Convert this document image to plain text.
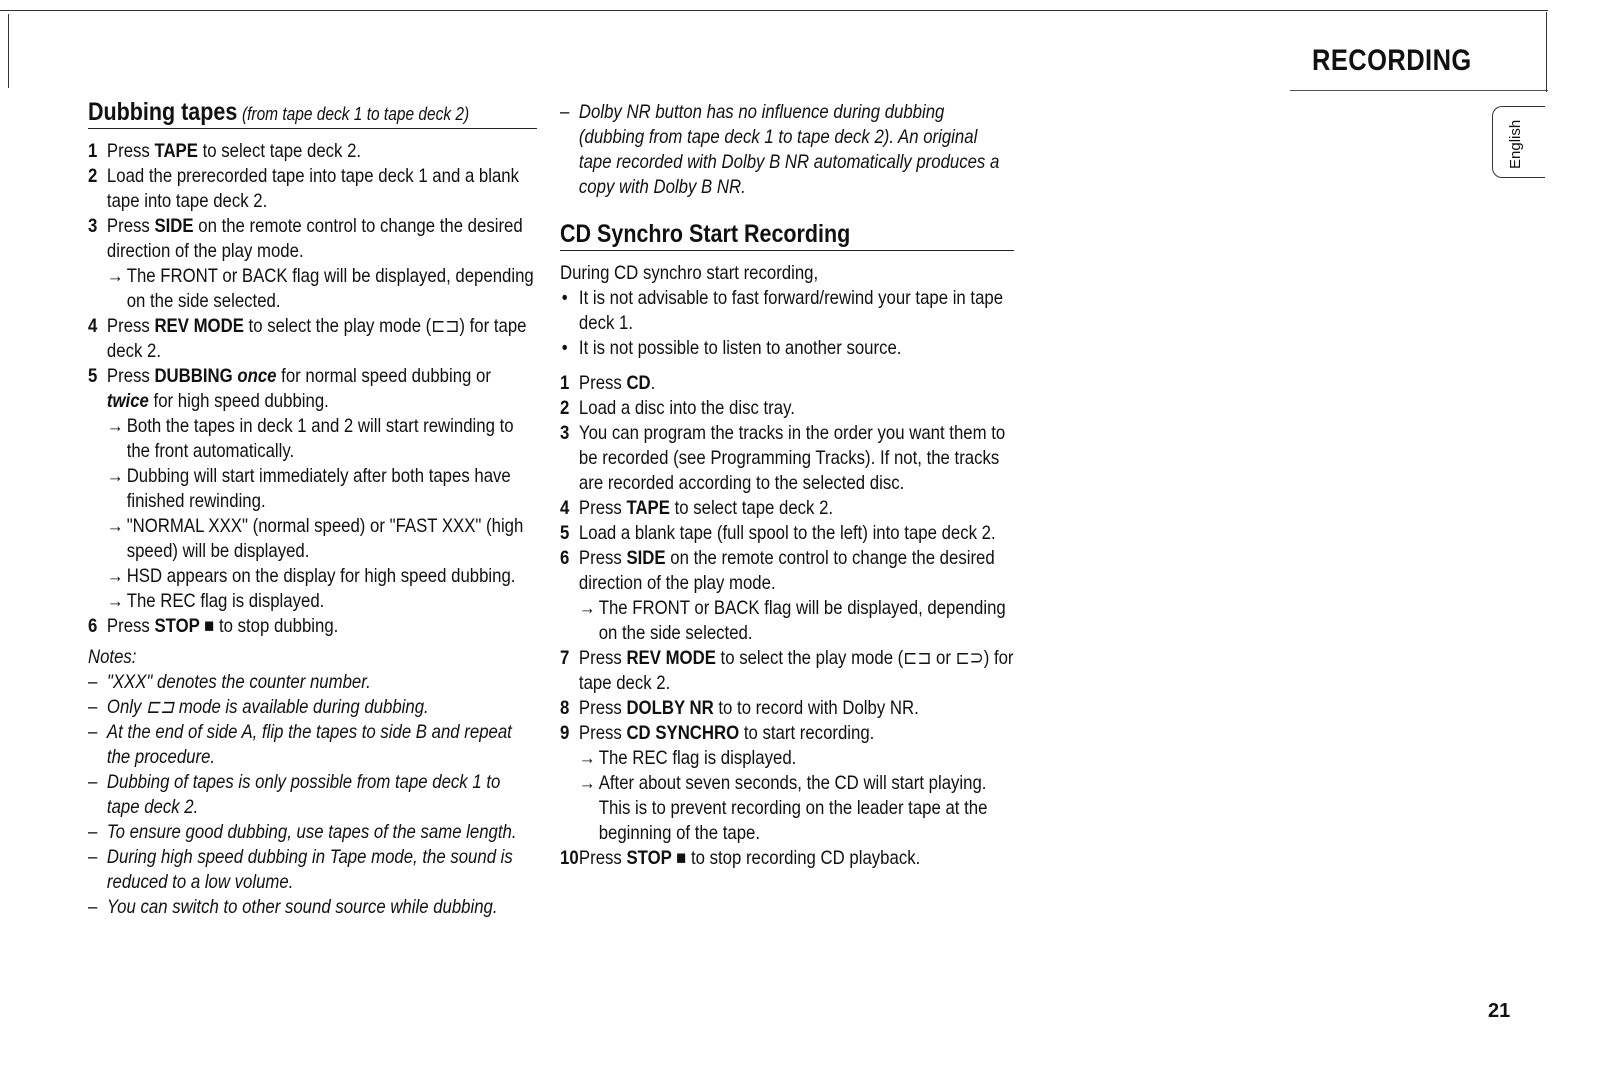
RECORDING
English
Dubbing tapes (from tape deck 1 to tape deck 2)
1 Press TAPE to select tape deck 2.
2 Load the prerecorded tape into tape deck 1 and a blank tape into tape deck 2.
3 Press SIDE on the remote control to change the desired direction of the play mode.
→ The FRONT or BACK flag will be displayed, depending on the side selected.
4 Press REV MODE to select the play mode (⊏⊐) for tape deck 2.
5 Press DUBBING once for normal speed dubbing or twice for high speed dubbing.
→ Both the tapes in deck 1 and 2 will start rewinding to the front automatically.
→ Dubbing will start immediately after both tapes have finished rewinding.
→ "NORMAL XXX" (normal speed) or "FAST XXX" (high speed) will be displayed.
→ HSD appears on the display for high speed dubbing.
→ The REC flag is displayed.
6 Press STOP ■ to stop dubbing.
Notes:
– "XXX" denotes the counter number.
– Only ⊏⊐ mode is available during dubbing.
– At the end of side A, flip the tapes to side B and repeat the procedure.
– Dubbing of tapes is only possible from tape deck 1 to tape deck 2.
– To ensure good dubbing, use tapes of the same length.
– During high speed dubbing in Tape mode, the sound is reduced to a low volume.
– You can switch to other sound source while dubbing.
– Dolby NR button has no influence during dubbing (dubbing from tape deck 1 to tape deck 2). An original tape recorded with Dolby B NR automatically produces a copy with Dolby B NR.
CD Synchro Start Recording
During CD synchro start recording,
• It is not advisable to fast forward/rewind your tape in tape deck 1.
• It is not possible to listen to another source.
1 Press CD.
2 Load a disc into the disc tray.
3 You can program the tracks in the order you want them to be recorded (see Programming Tracks). If not, the tracks are recorded according to the selected disc.
4 Press TAPE to select tape deck 2.
5 Load a blank tape (full spool to the left) into tape deck 2.
6 Press SIDE on the remote control to change the desired direction of the play mode.
→ The FRONT or BACK flag will be displayed, depending on the side selected.
7 Press REV MODE to select the play mode (⊏⊐ or ⊏⊃) for tape deck 2.
8 Press DOLBY NR to to record with Dolby NR.
9 Press CD SYNCHRO to start recording.
→ The REC flag is displayed.
→ After about seven seconds, the CD will start playing. This is to prevent recording on the leader tape at the beginning of the tape.
10 Press STOP ■ to stop recording CD playback.
21
